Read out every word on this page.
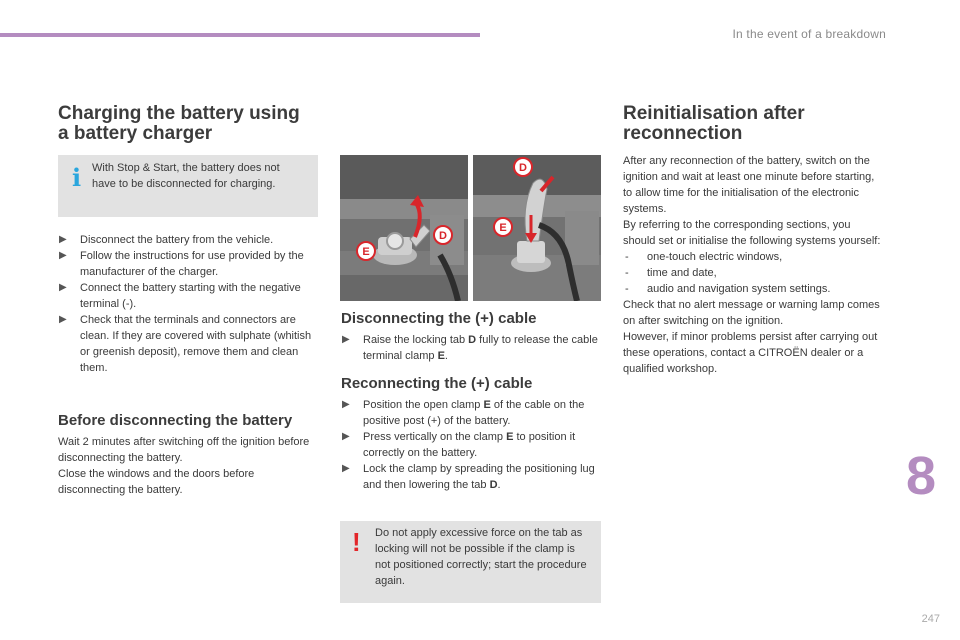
In the event of a breakdown
Charging the battery using
a battery charger
i With Stop & Start, the battery does not have to be disconnected for charging.
▶ Disconnect the battery from the vehicle.
▶ Follow the instructions for use provided by the manufacturer of the charger.
▶ Connect the battery starting with the negative terminal (-).
▶ Check that the terminals and connectors are clean. If they are covered with sulphate (whitish or greenish deposit), remove them and clean them.
Before disconnecting the battery

Wait 2 minutes after switching off the ignition before disconnecting the battery.

Close the windows and the doors before disconnecting the battery.

E
D
D
E
Disconnecting the (+) cable
▶ Raise the locking tab D fully to release the cable terminal clamp E.
Reconnecting the (+) cable
▶ Position the open clamp E of the cable on the positive post (+) of the battery.
▶ Press vertically on the clamp E to position it correctly on the battery.
▶ Lock the clamp by spreading the positioning lug and then lowering the tab D.
! Do not apply excessive force on the tab as locking will not be possible if the clamp is not positioned correctly; start the procedure again.
Reinitialisation after
reconnection

After any reconnection of the battery, switch on the ignition and wait at least one minute before starting, to allow time for the initialisation of the electronic systems.

By referring to the corresponding sections, you should set or initialise the following systems yourself:

- one-touch electric windows,
- time and date,
- audio and navigation system settings.

Check that no alert message or warning lamp comes on after switching on the ignition.

However, if minor problems persist after carrying out these operations, contact a CITROËN dealer or a qualified workshop.

8
247
